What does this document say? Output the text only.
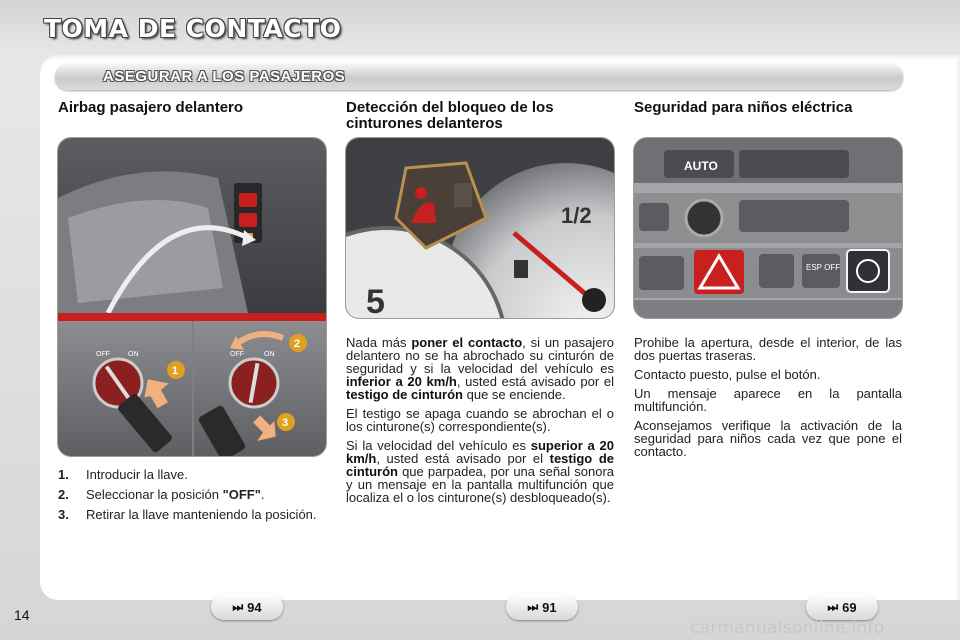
TOMA DE CONTACTO
ASEGURAR A LOS PASAJEROS
Airbag pasajero delantero	Detección del bloqueo de los cinturones delanteros
Seguridad para niños eléctrica
OFF	ON
1
OFF	ON
2
3
5
1/2
AUTO
ESP OFF
1.	Introducir la llave.
2.	Seleccionar la posición "OFF".
3.	Retirar la llave manteniendo la posición.

Nada más poner el contacto, si un pasajero delantero no se ha abrochado su cinturón de seguridad y si la velocidad del vehículo es inferior a 20 km/h, usted está avisado por el testigo de cinturón que se enciende.

El testigo se apaga cuando se abrochan el o los cinturone(s) correspondiente(s).

Si la velocidad del vehículo es superior a 20 km/h, usted está avisado por el testigo de cinturón que parpadea, por una señal sonora y un mensaje en la pantalla multifunción que localiza el o los cinturone(s) desbloqueado(s).

Prohibe la apertura, desde el interior, de las dos puertas traseras.

Contacto puesto, pulse el botón.

Un mensaje aparece en la pantalla multifunción.

Aconsejamos verifique la activación de la seguridad para niños cada vez que pone el contacto.

⏭ 94	⏭ 91	⏭ 69
14
carmanualsonline.info
